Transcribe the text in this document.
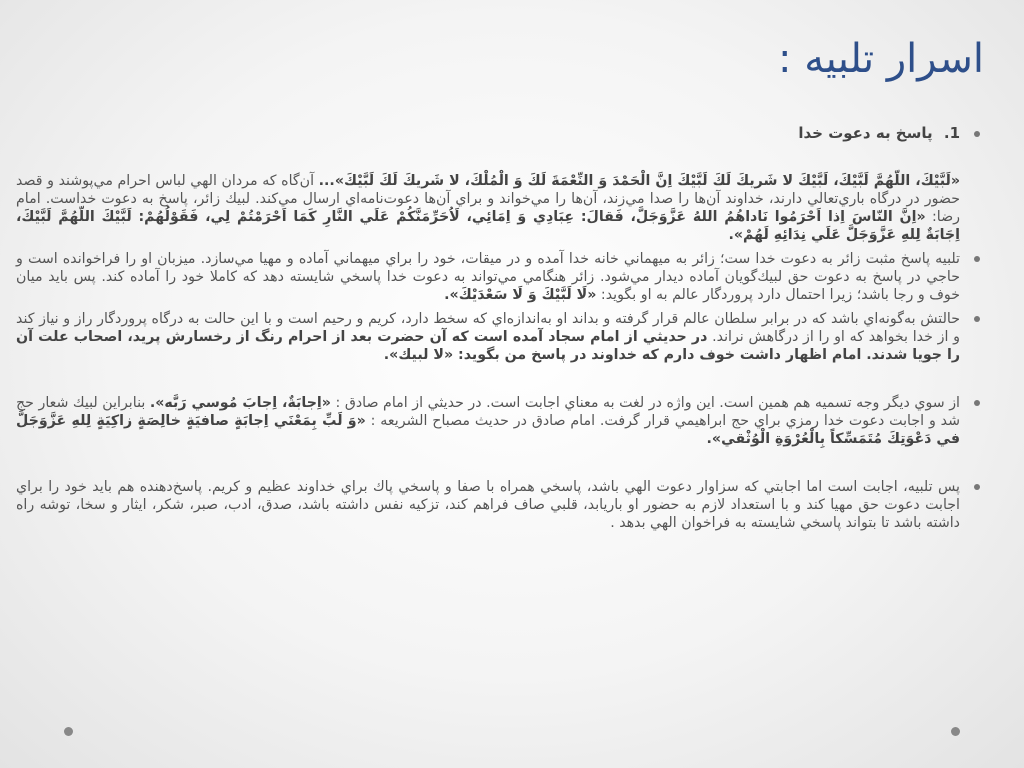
اسرار تلبيه :
1. پاسخ به دعوت خدا

«لَبَّيْكَ، اللّهُمَّ لَبَّيْكَ، لَبَّيْكَ لا شَريكَ لَكَ لَبَّيْكَ اِنَّ الْحَمْدَ وَ النِّعْمَةَ لَكَ وَ الْمُلْكَ، لا شَريكَ لَكَ لَبَّيْكَ»... آن‌گاه كه مردان الهي لباس احرام مي‌پوشند و قصد حضور در درگاه باري‌تعالي دارند، خداوند آن‌ها را صدا مي‌زند، آن‌ها را مي‌خواند و براي آن‌ها دعوت‌نامه‌اي ارسال مي‌كند. لبيك زائر، پاسخ به دعوت خداست. امام رضا: «اِنَّ النّاسَ اِذا اَحْرَمُوا نَاداهُمُ اللهُ عَزَّوَجَلَّ، فَقالَ: عِبَادِي وَ اِمَائِي، لَاُحَرِّمَنَّكُمْ عَلَي النَّارِ كَمَا اَحْرَمْتُمْ لِي، فَقَوْلُهُمْ: لَبَّيْكَ اللّهُمَّ لَبَّيْكَ، اِجَابَةٌ لِلهِ عَزَّوَجَلَّ عَلَي نِدَائِهِ لَهُمْ».

تلبيه پاسخ مثبت زائر به دعوت خدا ست؛ زائر به ميهماني خانه خدا آمده و در ميقات، خود را براي ميهماني آماده و مهيا مي‌سازد. ميزبان او را فراخوانده است و حاجي در پاسخ به دعوت حق لبيك‌گويان آماده ديدار مي‌شود. زائر هنگامي مي‌تواند به دعوت خدا پاسخي شايسته دهد كه كاملا خود را آماده كند. پس بايد ميان خوف و رجا باشد؛ زيرا احتمال دارد پروردگار عالم به او بگويد: «لَا لَبَّيْكَ وَ لَا سَعْدَيْكَ».

حالتش به‌گونه‌اي باشد كه در برابر سلطان عالم قرار گرفته و بداند او به‌اندازه‌اي كه سخط دارد، كريم و رحيم است و با اين حالت به درگاه پروردگار راز و نياز كند و از خدا بخواهد كه او را از درگاهش نراند. در حديثي از امام سجاد آمده است كه آن حضرت بعد از احرام رنگ از رخسارش پريد، اصحاب علت آن را جويا شدند. امام اظهار داشت خوف دارم كه خداوند در پاسخ من بگويد: «لا لبيك».

از سوي ديگر وجه تسميه هم همين است. اين واژه در لغت به معناي اجابت است. در حديثي از امام صادق : «اِجابَةٌ، اِجابَ مُوسي رَبَّه». بنابراين لبيك شعار حج شد و اجابت دعوت خدا رمزي براي حج ابراهيمي قرار گرفت. امام صادق در حديث مصباح الشريعه : «وَ لَبِّ بِمَعْنَي اِجابَةٍ صافيَةٍ خالِصَةٍ زاكِيَةٍ لِلهِ عَزَّوَجَلَّ في دَعْوَتِكَ مُتَمَسِّكاً بِالْعُرْوَةِ الْوُثْقي».

پس تلبيه، اجابت است اما اجابتي كه سزاوار دعوت الهي باشد، پاسخي همراه با صفا و پاسخي پاك براي خداوند عظيم و كريم. پاسخ‌دهنده هم بايد خود را براي اجابت دعوت حق مهيا كند و با استعداد لازم به حضور او باريابد، قلبي صاف فراهم كند، تزكيه نفس داشته باشد، صدق، ادب، صبر، شكر، ايثار و سخا، توشه راه داشته باشد تا بتواند پاسخي شايسته به فراخوان الهي بدهد .
